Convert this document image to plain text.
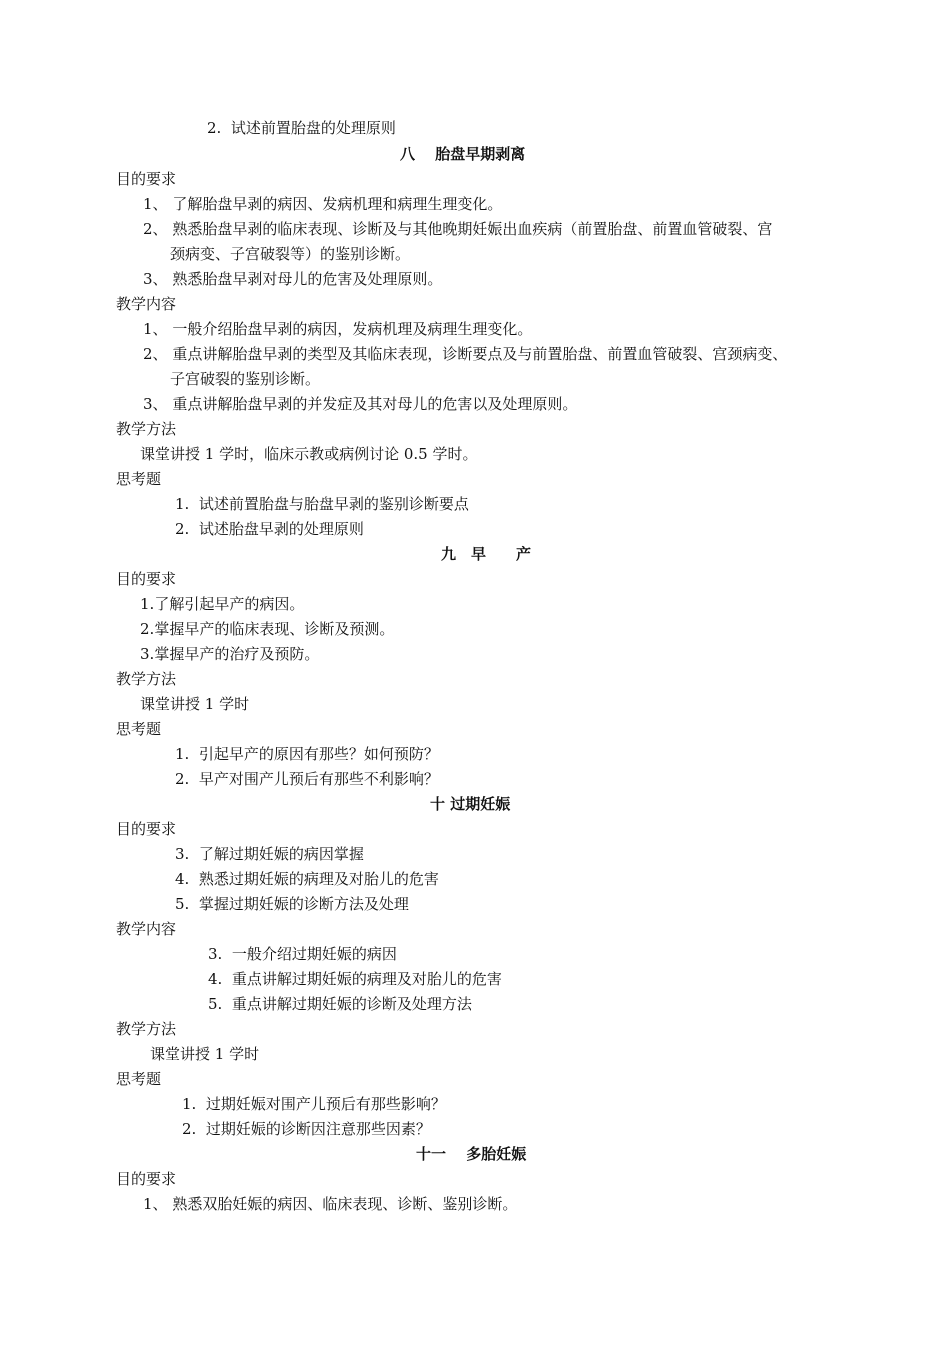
2. 试述前置胎盘的处理原则
八　 胎盘早期剥离
目的要求
1、 了解胎盘早剥的病因、发病机理和病理生理变化。
2、 熟悉胎盘早剥的临床表现、诊断及与其他晚期妊娠出血疾病（前置胎盘、前置血管破裂、宫
颈病变、子宫破裂等）的鉴别诊断。
3、 熟悉胎盘早剥对母儿的危害及处理原则。
教学内容
1、 一般介绍胎盘早剥的病因，发病机理及病理生理变化。
2、 重点讲解胎盘早剥的类型及其临床表现，诊断要点及与前置胎盘、前置血管破裂、宫颈病变、
子宫破裂的鉴别诊断。
3、 重点讲解胎盘早剥的并发症及其对母儿的危害以及处理原则。
教学方法
课堂讲授 1 学时，临床示教或病例讨论 0.5 学时。
思考题
1. 试述前置胎盘与胎盘早剥的鉴别诊断要点
2. 试述胎盘早剥的处理原则
九　早　　产
目的要求
1.了解引起早产的病因。
2.掌握早产的临床表现、诊断及预测。
3.掌握早产的治疗及预防。
教学方法
课堂讲授 1 学时
思考题
1. 引起早产的原因有那些？如何预防？
2. 早产对围产儿预后有那些不利影响？
十 过期妊娠
目的要求
3. 了解过期妊娠的病因掌握
4. 熟悉过期妊娠的病理及对胎儿的危害
5. 掌握过期妊娠的诊断方法及处理
教学内容
3. 一般介绍过期妊娠的病因
4. 重点讲解过期妊娠的病理及对胎儿的危害
5. 重点讲解过期妊娠的诊断及处理方法
教学方法
课堂讲授 1 学时
思考题
1. 过期妊娠对围产儿预后有那些影响？
2. 过期妊娠的诊断因注意那些因素？
十一　 多胎妊娠
目的要求
1、 熟悉双胎妊娠的病因、临床表现、诊断、鉴别诊断。
